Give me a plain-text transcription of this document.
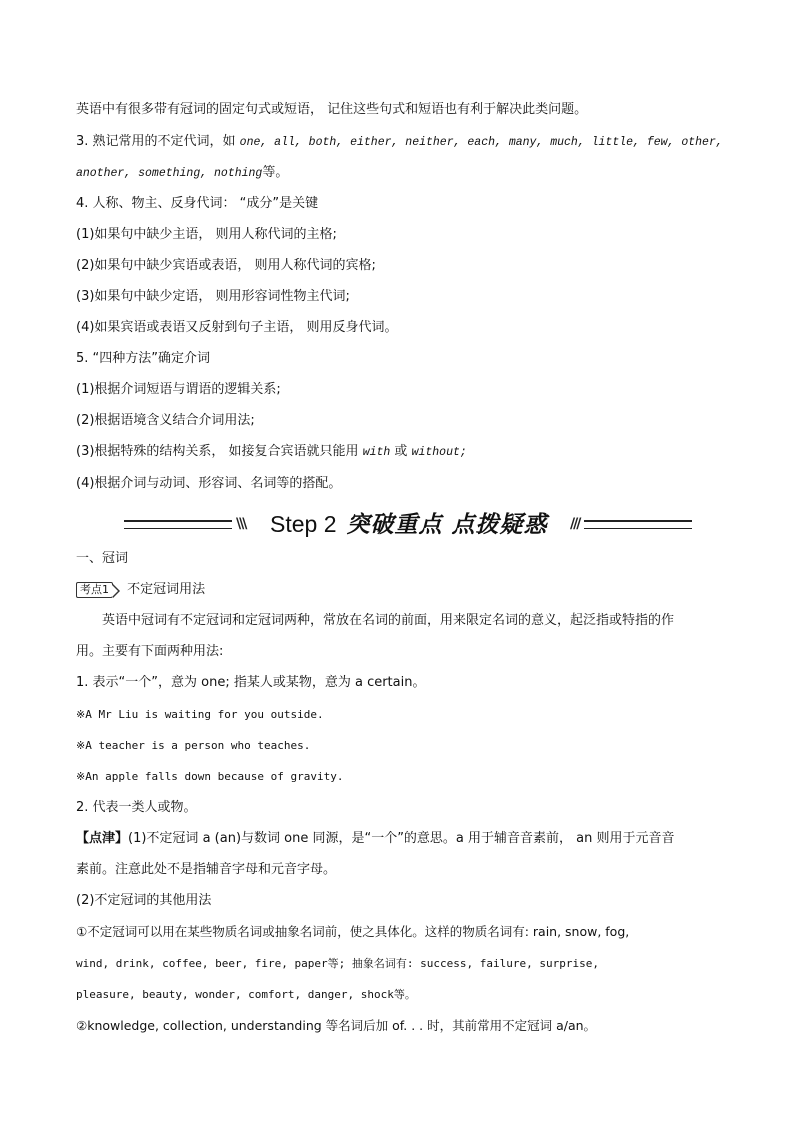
英语中有很多带有冠词的固定句式或短语， 记住这些句式和短语也有利于解决此类问题。
3. 熟记常用的不定代词，如 one, all, both, either, neither, each, many, much, little, few, other,
another, something, nothing等。
4. 人称、物主、反身代词： “成分”是关键
(1)如果句中缺少主语， 则用人称代词的主格;
(2)如果句中缺少宾语或表语， 则用人称代词的宾格;
(3)如果句中缺少定语， 则用形容词性物主代词;
(4)如果宾语或表语又反射到句子主语， 则用反身代词。
5. “四种方法”确定介词
(1)根据介词短语与谓语的逻辑关系;
(2)根据语境含义结合介词用法;
(3)根据特殊的结构关系， 如接复合宾语就只能用 with 或 without;
(4)根据介词与动词、形容词、名词等的搭配。
\\\ Step 2 突破重点 点拨疑惑 ///
一、冠词
考点1 不定冠词用法
英语中冠词有不定冠词和定冠词两种，常放在名词的前面，用来限定名词的意义，起泛指或特指的作
用。主要有下面两种用法:
1. 表示“一个”，意为 one; 指某人或某物，意为 a certain。
※A Mr Liu is waiting for you outside.
※A teacher is a person who teaches.
※An apple falls down because of gravity.
2. 代表一类人或物。
【点津】(1)不定冠词 a (an)与数词 one 同源，是“一个”的意思。a 用于辅音音素前， an 则用于元音音
素前。注意此处不是指辅音字母和元音字母。
(2)不定冠词的其他用法
①不定冠词可以用在某些物质名词或抽象名词前，使之具体化。这样的物质名词有: rain, snow, fog,
wind, drink, coffee, beer, fire, paper等; 抽象名词有: success, failure, surprise,
pleasure, beauty, wonder, comfort, danger, shock等。
②knowledge, collection, understanding 等名词后加 of. . . 时，其前常用不定冠词 a/an。
